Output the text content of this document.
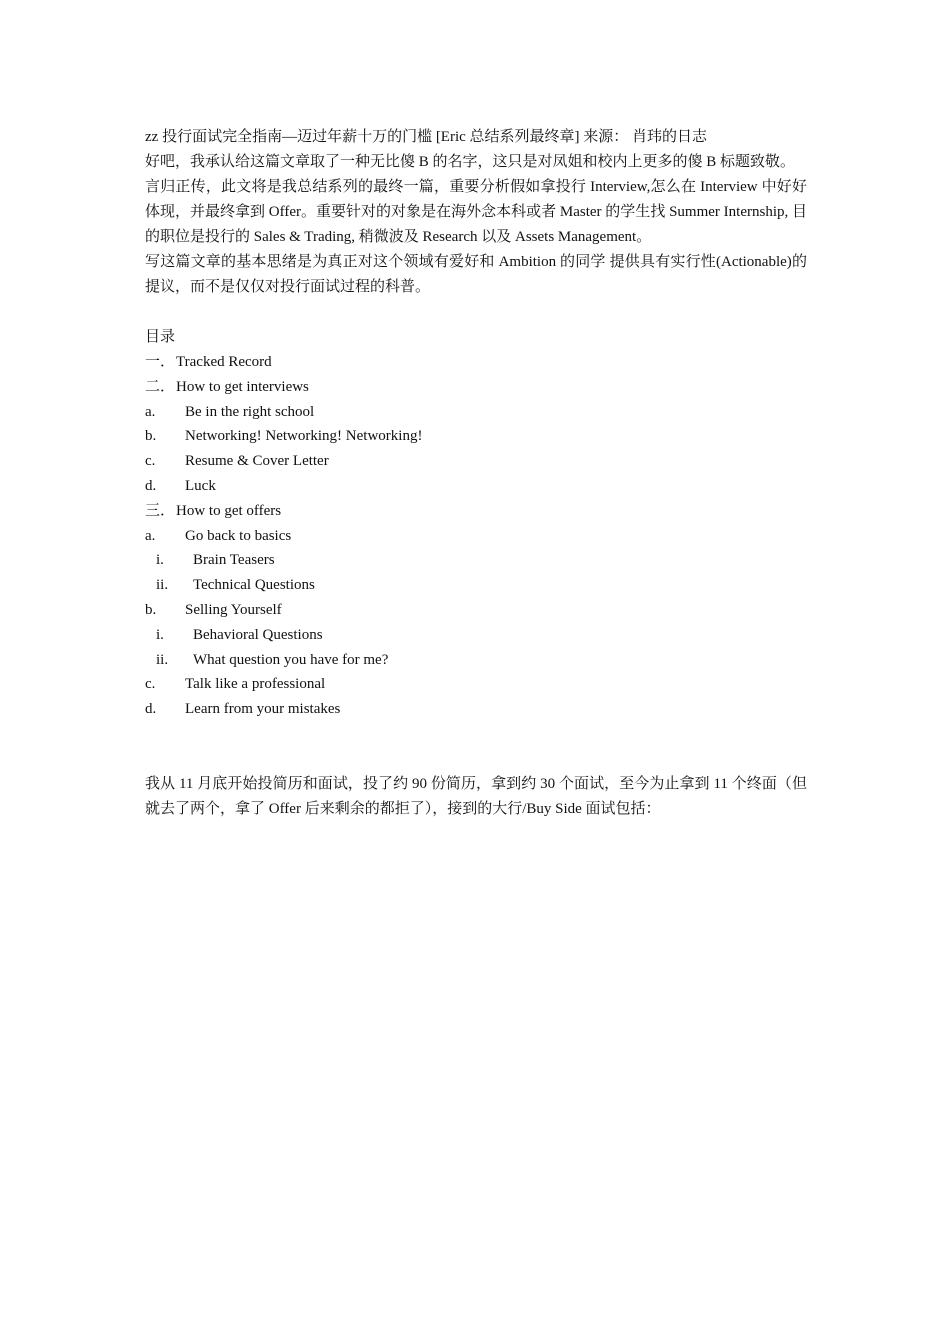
zz 投行面试完全指南—迈过年薪十万的门槛 [Eric 总结系列最终章] 来源： 肖玮的日志
好吧，我承认给这篇文章取了一种无比傻 B 的名字，这只是对凤姐和校内上更多的傻 B 标题致敬。
言归正传，此文将是我总结系列的最终一篇，重要分析假如拿投行 Interview,怎么在 Interview 中好好体现，并最终拿到 Offer。重要针对的对象是在海外念本科或者 Master 的学生找 Summer Internship, 目的职位是投行的 Sales & Trading, 稍微波及 Research 以及 Assets Management。
写这篇文章的基本思绪是为真正对这个领域有爱好和 Ambition 的同学 提供具有实行性(Actionable)的提议，而不是仅仅对投行面试过程的科普。
目录
一． Tracked Record
二． How to get interviews
a. Be in the right school
b. Networking! Networking! Networking!
c. Resume & Cover Letter
d. Luck
三． How to get offers
a. Go back to basics
i. Brain Teasers
ii. Technical Questions
b. Selling Yourself
i. Behavioral Questions
ii. What question you have for me?
c. Talk like a professional
d. Learn from your mistakes
我从 11 月底开始投简历和面试，投了约 90 份简历，拿到约 30 个面试，至今为止拿到 11 个终面（但就去了两个，拿了 Offer 后来剩余的都拒了），接到的大行/Buy Side 面试包括：
